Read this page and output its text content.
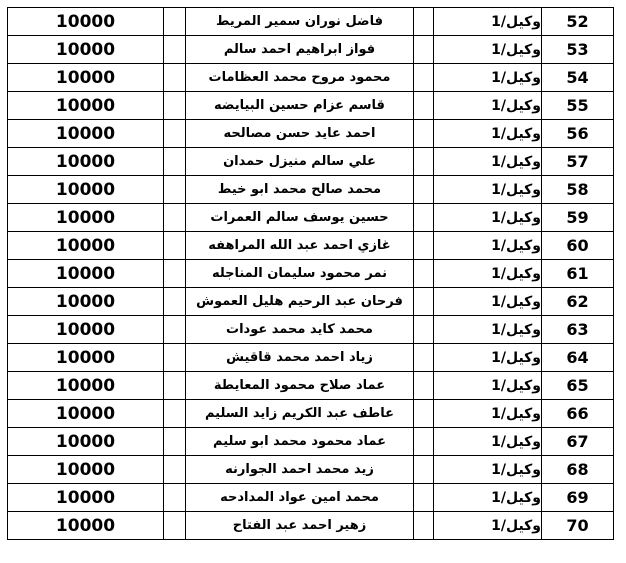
10000		فاضل نوران سمير المريط		وكيل/1	52
10000		فواز ابراهيم احمد سالم		وكيل/1	53
10000		محمود مروح محمد العظامات		وكيل/1	54
10000		قاسم عزام حسين البيايضه		وكيل/1	55
10000		احمد عايد حسن مصالحه		وكيل/1	56
10000		علي سالم منيزل حمدان		وكيل/1	57
10000		محمد صالح محمد ابو خيط		وكيل/1	58
10000		حسين يوسف سالم العمرات		وكيل/1	59
10000		غازي احمد عبد الله المراهفه		وكيل/1	60
10000		نمر محمود سليمان المناجله		وكيل/1	61
10000		فرحان عبد الرحيم هليل العموش		وكيل/1	62
10000		محمد كايد محمد عودات		وكيل/1	63
10000		زياد احمد محمد قاقيش		وكيل/1	64
10000		عماد صلاح محمود المعايطة		وكيل/1	65
10000		عاطف عبد الكريم زايد السليم		وكيل/1	66
10000		عماد محمود محمد ابو سليم		وكيل/1	67
10000		زيد محمد احمد الجوارنه		وكيل/1	68
10000		محمد امين عواد المدادحه		وكيل/1	69
10000		زهير احمد عبد الفتاح		وكيل/1	70
